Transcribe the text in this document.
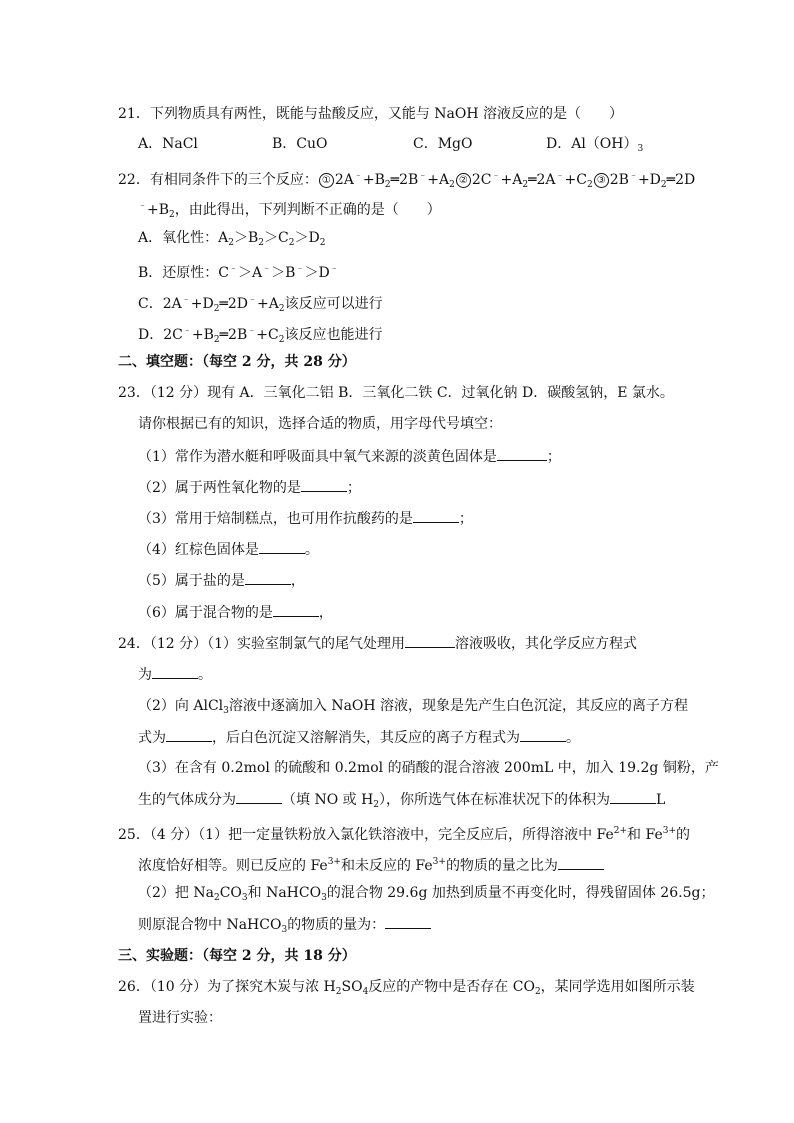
21．下列物质具有两性，既能与盐酸反应，又能与 NaOH 溶液反应的是（　　）
A．NaCl	B．CuO	C．MgO	D．$Al(OH)_3$
22．有相同条件下的三个反应： ① $2A^﹣+B_2═2B^﹣+A_2$ ② $2C^﹣+A_2═2A^﹣+C_2$ ③ $2B^﹣+D_2═2D$
$^﹣+B_2$，由此得出，下列判断不正确的是（　　）
A．氧化性：$A_2>B_2>C_2>D_2$
B．还原性：C﹣＞A﹣＞B﹣＞D﹣
C．$2A^﹣+D_2═2D^﹣+A_2$该反应可以进行
D．$2C^﹣+B_2═2B^﹣+C_2$该反应也能进行
二、填空题：（每空 2 分，共 28 分）
23．（12 分）现有 A．三氧化二铝 B．三氧化二铁 C．过氧化钠 D．碳酸氢钠，E 氯水。
请你根据已有的知识，选择合适的物质，用字母代号填空：
（1）常作为潜水艇和呼吸面具中氧气来源的淡黄色固体是	；
（2）属于两性氧化物的是	；
（3）常用于焙制糕点，也可用作抗酸药的是	；
（4）红棕色固体是	。
（5）属于盐的是	，
（6）属于混合物的是	，
24．（12 分）（1）实验室制氯气的尾气处理用	溶液吸收，其化学反应方程式
为	。
（2）向 AlCl$_3$溶液中逐滴加入 NaOH 溶液，现象是先产生白色沉淀，其反应的离子方程
式为	，后白色沉淀又溶解消失，其反应的离子方程式为	。
（3）在含有 0.2mol 的硫酸和 0.2mol 的硝酸的混合溶液 200mL 中，加入 19.2g 铜粉，产
生的气体成分为	（填 NO 或 $H_2$），你所选气体在标准状况下的体积为	L
25．（4 分）（1）把一定量铁粉放入氯化铁溶液中，完全反应后，所得溶液中 $Fe^{2+}$和 $Fe^{3+}$的
浓度恰好相等。则已反应的 $Fe^{3+}$和未反应的 $Fe^{3+}$的物质的量之比为
（2）把 $Na_2CO_3$和 NaHCO$_3$的混合物 29.6g 加热到质量不再变化时，得残留固体 26.5g；
则原混合物中 NaHCO$_3$的物质的量为：
三、实验题：（每空 2 分，共 18 分）
26．（10 分）为了探究木炭与浓 $H_2SO_4$反应的产物中是否存在 $CO_2$，某同学选用如图所示装
置进行实验：
